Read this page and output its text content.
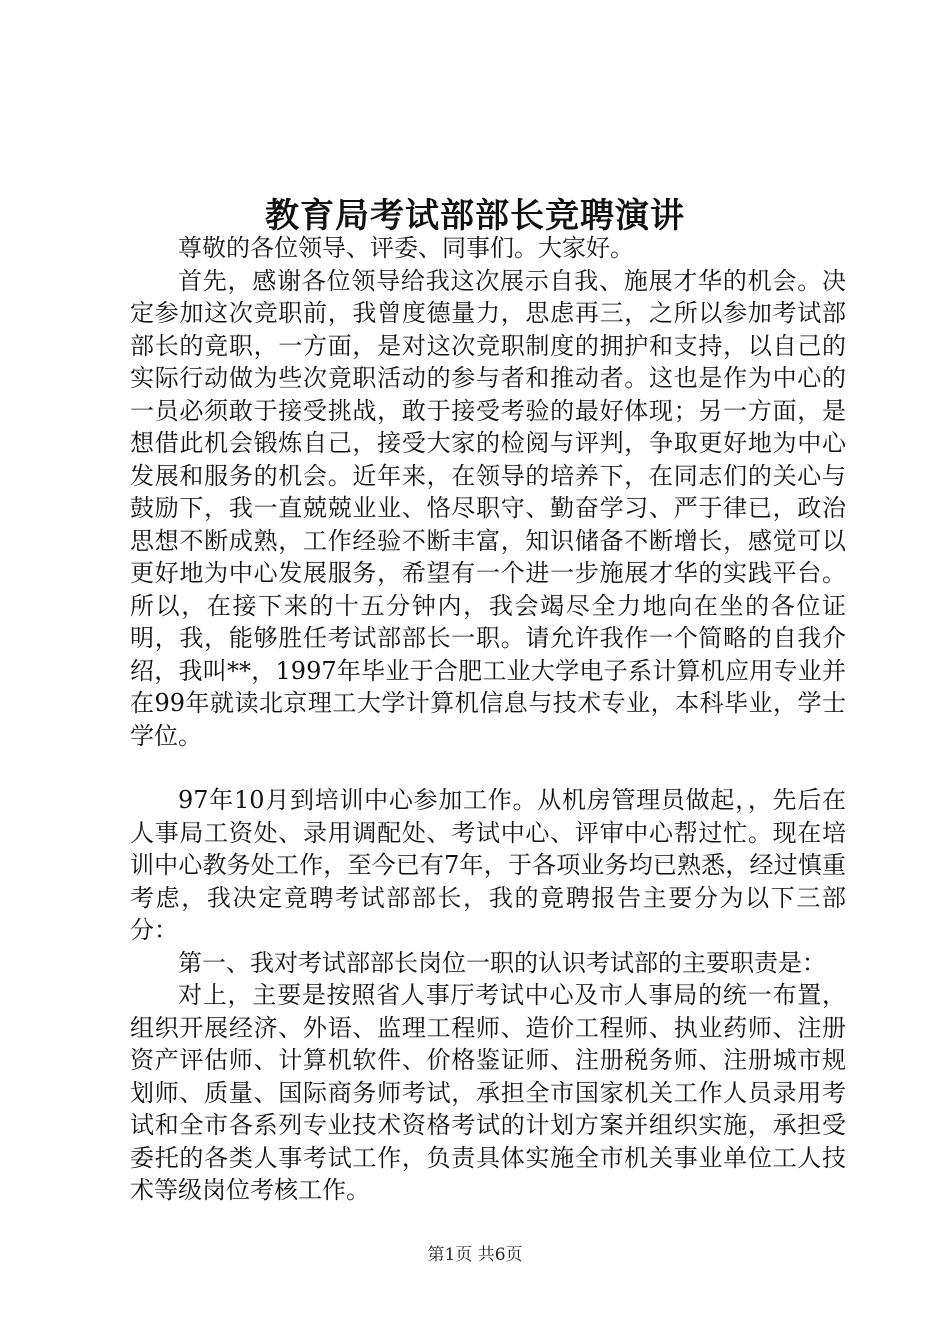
教育局考试部部长竞聘演讲

尊敬的各位领导、评委、同事们。大家好。

首先，感谢各位领导给我这次展示自我、施展才华的机会。决定参加这次竞职前，我曾度德量力，思虑再三，之所以参加考试部部长的竟职，一方面，是对这次竞职制度的拥护和支持，以自己的实际行动做为些次竟职活动的参与者和推动者。这也是作为中心的一员必须敢于接受挑战，敢于接受考验的最好体现；另一方面，是想借此机会锻炼自己，接受大家的检阅与评判，争取更好地为中心发展和服务的机会。近年来，在领导的培养下，在同志们的关心与鼓励下，我一直兢兢业业、恪尽职守、勤奋学习、严于律已，政治思想不断成熟，工作经验不断丰富，知识储备不断增长，感觉可以更好地为中心发展服务，希望有一个进一步施展才华的实践平台。所以，在接下来的十五分钟内，我会竭尽全力地向在坐的各位证明，我，能够胜任考试部部长一职。请允许我作一个简略的自我介绍，我叫**，1997年毕业于合肥工业大学电子系计算机应用专业并在99年就读北京理工大学计算机信息与技术专业，本科毕业，学士学位。

97年10月到培训中心参加工作。从机房管理员做起，，先后在人事局工资处、录用调配处、考试中心、评审中心帮过忙。现在培训中心教务处工作，至今已有7年，于各项业务均已熟悉，经过慎重考虑，我决定竟聘考试部部长，我的竟聘报告主要分为以下三部分：

第一、我对考试部部长岗位一职的认识考试部的主要职责是：

对上，主要是按照省人事厅考试中心及市人事局的统一布置，组织开展经济、外语、监理工程师、造价工程师、执业药师、注册资产评估师、计算机软件、价格鉴证师、注册税务师、注册城市规划师、质量、国际商务师考试，承担全市国家机关工作人员录用考试和全市各系列专业技术资格考试的计划方案并组织实施，承担受委托的各类人事考试工作，负责具体实施全市机关事业单位工人技术等级岗位考核工作。

第1页 共6页
